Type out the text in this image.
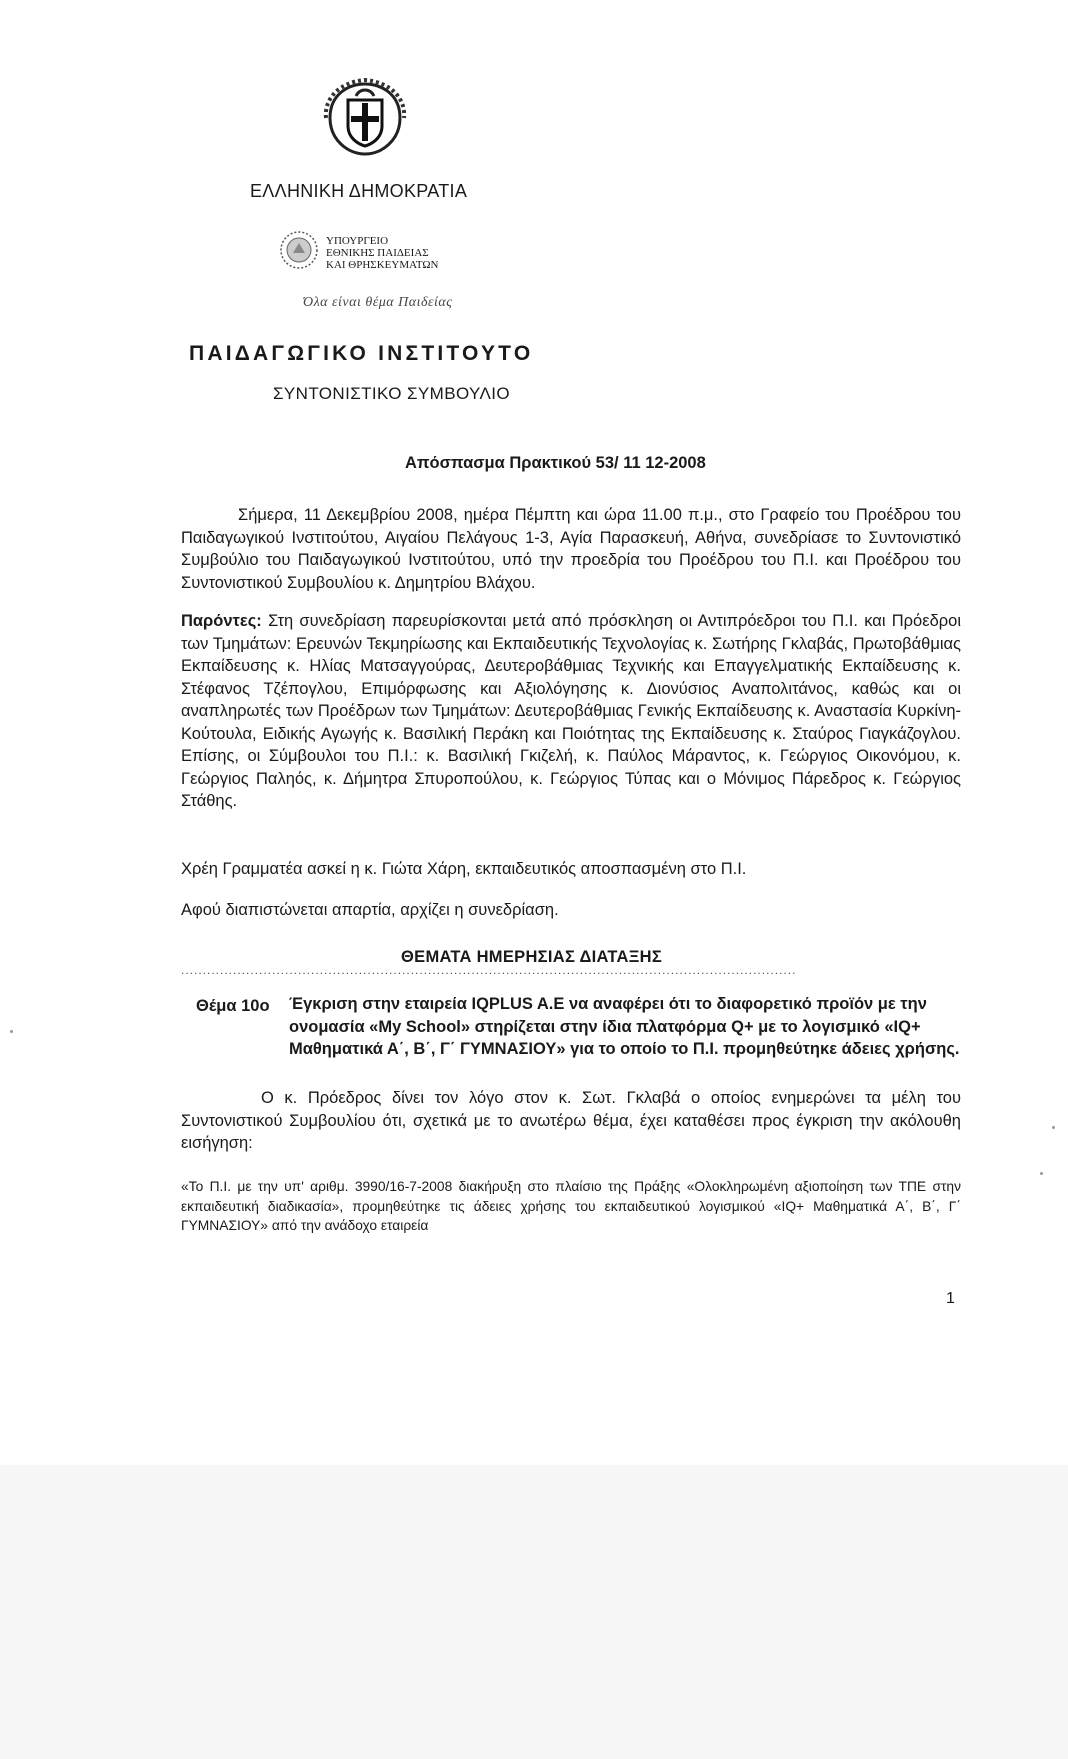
ΕΛΛΗΝΙΚΗ ΔΗΜΟΚΡΑΤΙΑ
ΥΠΟΥΡΓΕΙΟ
ΕΘΝΙΚΗΣ ΠΑΙΔΕΙΑΣ
ΚΑΙ ΘΡΗΣΚΕΥΜΑΤΩΝ
Όλα είναι θέμα Παιδείας
ΠΑΙΔΑΓΩΓΙΚΟ ΙΝΣΤΙΤΟΥΤΟ
ΣΥΝΤΟΝΙΣΤΙΚΟ ΣΥΜΒΟΥΛΙΟ
Απόσπασμα Πρακτικού 53/ 11 12-2008
Σήμερα, 11 Δεκεμβρίου 2008, ημέρα Πέμπτη και ώρα 11.00 π.μ., στο Γραφείο του Προέδρου του Παιδαγωγικού Ινστιτούτου, Αιγαίου Πελάγους 1-3, Αγία Παρασκευή, Αθήνα, συνεδρίασε το Συντονιστικό Συμβούλιο του Παιδαγωγικού Ινστιτούτου, υπό την προεδρία του Προέδρου του Π.Ι. και Προέδρου του Συντονιστικού Συμβουλίου κ. Δημητρίου Βλάχου.
Παρόντες: Στη συνεδρίαση παρευρίσκονται μετά από πρόσκληση οι Αντιπρόεδροι του Π.Ι. και Πρόεδροι των Τμημάτων: Ερευνών Τεκμηρίωσης και Εκπαιδευτικής Τεχνολογίας κ. Σωτήρης Γκλαβάς, Πρωτοβάθμιας Εκπαίδευσης κ. Ηλίας Ματσαγγούρας, Δευτεροβάθμιας Τεχνικής και Επαγγελματικής Εκπαίδευσης κ. Στέφανος Τζέπογλου, Επιμόρφωσης και Αξιολόγησης κ. Διονύσιος Αναπολιτάνος, καθώς και οι αναπληρωτές των Προέδρων των Τμημάτων: Δευτεροβάθμιας Γενικής Εκπαίδευσης κ. Αναστασία Κυρκίνη-Κούτουλα, Ειδικής Αγωγής κ. Βασιλική Περάκη και Ποιότητας της Εκπαίδευσης κ. Σταύρος Γιαγκάζογλου. Επίσης, οι Σύμβουλοι του Π.Ι.: κ. Βασιλική Γκιζελή, κ. Παύλος Μάραντος, κ. Γεώργιος Οικονόμου, κ. Γεώργιος Παληός, κ. Δήμητρα Σπυροπούλου, κ. Γεώργιος Τύπας και ο Μόνιμος Πάρεδρος κ. Γεώργιος Στάθης.
Χρέη Γραμματέα ασκεί η κ. Γιώτα Χάρη, εκπαιδευτικός αποσπασμένη στο Π.Ι.
Αφού διαπιστώνεται απαρτία, αρχίζει η συνεδρίαση.
ΘΕΜΑΤΑ ΗΜΕΡΗΣΙΑΣ ΔΙΑΤΑΞΗΣ
..............................................................................................................................................
Θέμα 10ο Έγκριση στην εταιρεία IQPLUS A.E να αναφέρει ότι το διαφορετικό προϊόν με την ονομασία «My School» στηρίζεται στην ίδια πλατφόρμα Q+ με το λογισμικό «IQ+ Μαθηματικά Α΄, Β΄, Γ΄ ΓΥΜΝΑΣΙΟΥ» για το οποίο το Π.Ι. προμηθεύτηκε άδειες χρήσης.
Ο κ. Πρόεδρος δίνει τον λόγο στον κ. Σωτ. Γκλαβά ο οποίος ενημερώνει τα μέλη του Συντονιστικού Συμβουλίου ότι, σχετικά με το ανωτέρω θέμα, έχει καταθέσει προς έγκριση την ακόλουθη εισήγηση:
«Το Π.Ι. με την υπ' αριθμ. 3990/16-7-2008 διακήρυξη στο πλαίσιο της Πράξης «Ολοκληρωμένη αξιοποίηση των ΤΠΕ στην εκπαιδευτική διαδικασία», προμηθεύτηκε τις άδειες χρήσης του εκπαιδευτικού λογισμικού «IQ+ Μαθηματικά Α΄, Β΄, Γ΄ ΓΥΜΝΑΣΙΟΥ» από την ανάδοχο εταιρεία
1
